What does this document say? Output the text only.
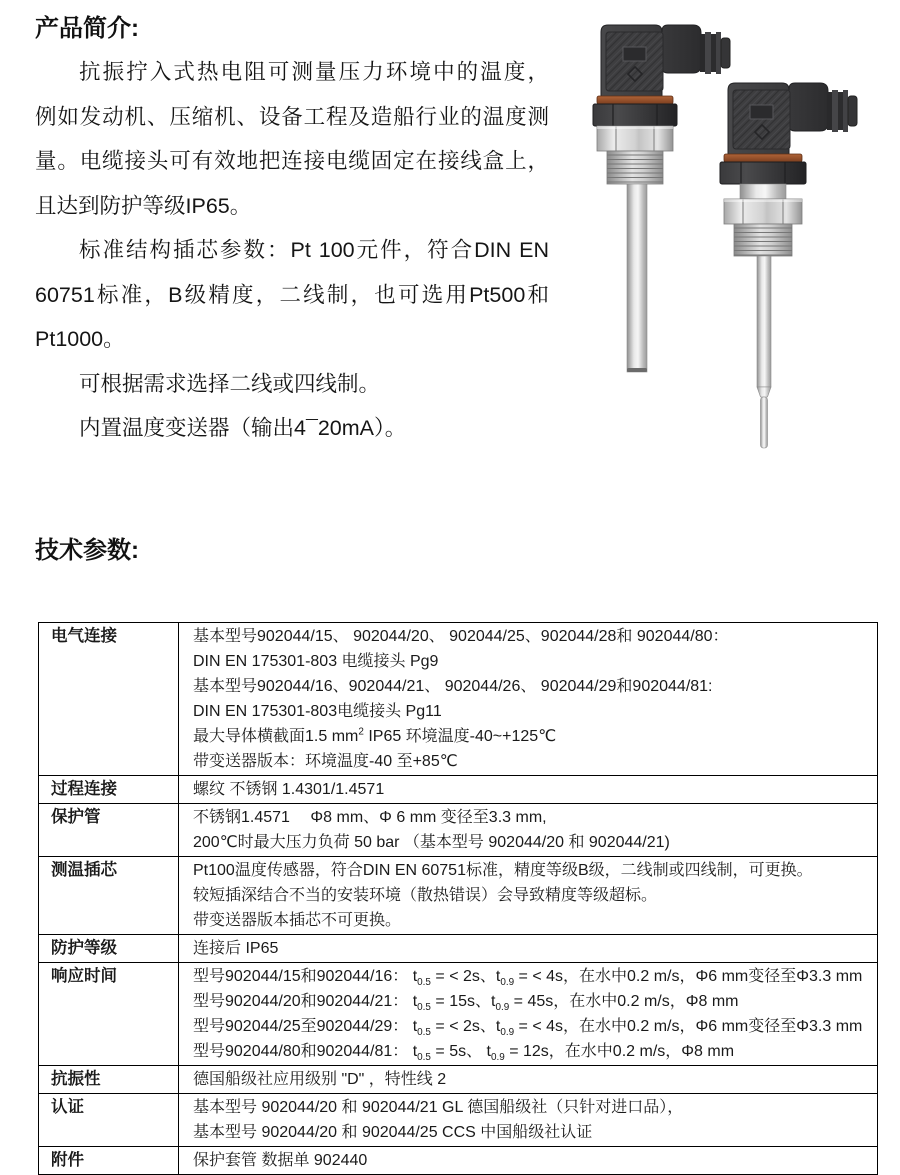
产品简介:
抗振拧入式热电阻可测量压力环境中的温度，
例如发动机、压缩机、设备工程及造船行业的温度测
量。电缆接头可有效地把连接电缆固定在接线盒上，
且达到防护等级IP65。
标准结构插芯参数：Pt 100元件，符合DIN EN
60751标准，B级精度，二线制，也可选用Pt500和
Pt1000。
可根据需求选择二线或四线制。
内置温度变送器（输出4¯20mA）。
技术参数:
电气连接	基本型号902044/15、 902044/20、 902044/25、902044/28和 902044/80：
DIN EN 175301-803 电缆接头 Pg9
基本型号902044/16、902044/21、 902044/26、 902044/29和902044/81:
DIN EN 175301-803电缆接头 Pg11
最大导体横截面1.5 $mm^2$ IP65 环境温度-40~+125℃
带变送器版本：环境温度-40 至+85℃

过程连接	螺纹 不锈钢 1.4301/1.4571

保护管	不锈钢1.4571　 Φ8 mm、Φ 6 mm 变径至3.3 mm,
200℃时最大压力负荷 50 bar （基本型号 902044/20 和 902044/21)

测温插芯	Pt100温度传感器，符合DIN EN 60751标准，精度等级B级，二线制或四线制，可更换。
较短插深结合不当的安装环境（散热错误）会导致精度等级超标。
带变送器版本插芯不可更换。

防护等级	连接后 IP65

响应时间	型号902044/15和902044/16： $t_{0.5}$ = < 2s、$t_{0.9}$ = < 4s，在水中0.2 m/s，Φ6 mm变径至Φ3.3 mm
型号902044/20和902044/21： $t_{0.5} = 15s$、$t_{0.9} = 45s$，在水中0.2 m/s，Φ8 mm
型号902044/25至902044/29： $t_{0.5}$ = < 2s、$t_{0.9}$ = < 4s，在水中0.2 m/s，Φ6 mm变径至Φ3.3 mm
型号902044/80和902044/81： $t_{0.5} = 5s$、 $t_{0.9} = 12s$，在水中0.2 m/s，Φ8 mm

抗振性	德国船级社应用级别 "D" ，特性线 2

认证	基本型号 902044/20 和 902044/21 GL 德国船级社（只针对进口品），
基本型号 902044/20 和 902044/25 CCS 中国船级社认证

附件	保护套管 数据单 902440
